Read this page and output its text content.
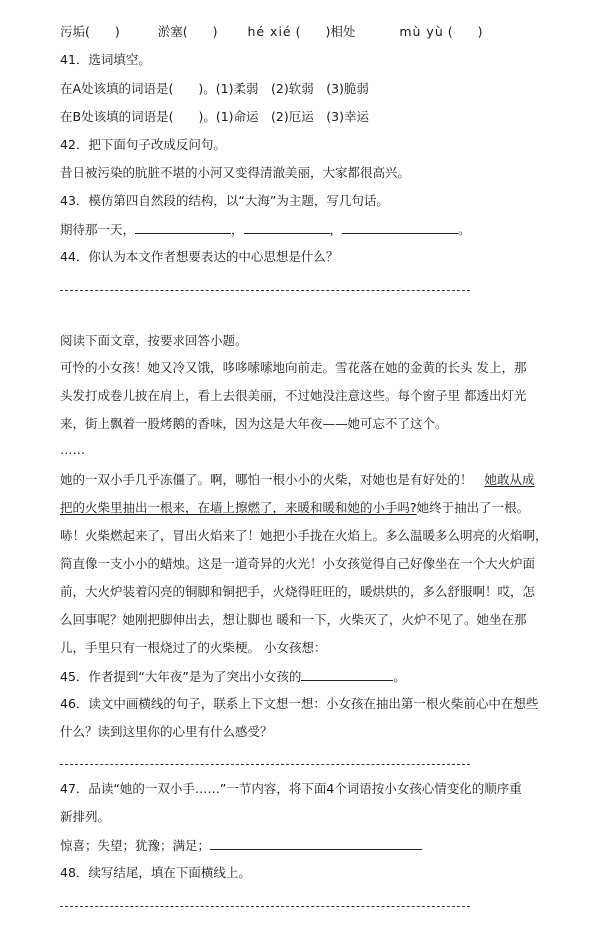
污垢(　　)	淤塞(　　) hé xié (　　)相处	mù yù (　　)
41．选词填空。
在A处该填的词语是(　　)。(1)柔弱　(2)软弱　(3)脆弱
在B处该填的词语是(　　)。(1)命运　(2)厄运　(3)幸运
42．把下面句子改成反问句。
昔日被污染的肮脏不堪的小河又变得清澈美丽，大家都很高兴。
43．模仿第四自然段的结构，以“大海”为主题，写几句话。
期待那一天，	，	，	。
44．你认为本文作者想要表达的中心思想是什么？
阅读下面文章，按要求回答小题。
可怜的小女孩！她又冷又饿，哆哆嗦嗦地向前走。雪花落在她的金黄的长头 发上，那
头发打成卷儿披在肩上，看上去很美丽，不过她没注意这些。每个窗子里 都透出灯光
来，街上飘着一股烤鹅的香味，因为这是大年夜——她可忘不了这个。
……
她的一双小手几乎冻僵了。啊，哪怕一根小小的火柴，对她也是有好处的！ 她敢从成
把的火柴里抽出一根来，在墙上擦燃了，来暖和暖和她的小手吗?她终于抽出了一根。
哧！火柴燃起来了，冒出火焰来了！她把小手拢在火焰上。多么温暖多么明亮的火焰啊，
简直像一支小小的蜡烛。这是一道奇异的火光！小女孩觉得自己好像坐在一个大火炉面
前，大火炉装着闪亮的铜脚和铜把手，火烧得旺旺的，暖烘烘的，多么舒服啊！哎，怎
么回事呢？她刚把脚伸出去，想让脚也 暖和一下，火柴灭了，火炉不见了。她坐在那
儿，手里只有一根烧过了的火柴梗。 小女孩想：
45．作者提到“大年夜”是为了突出小女孩的	。
46．读文中画横线的句子，联系上下文想一想：小女孩在抽出第一根火柴前心中在想些
什么？读到这里你的心里有什么感受？
47．品读“她的一双小手……”一节内容，将下面4个词语按小女孩心情变化的顺序重
新排列。
惊喜；失望；犹豫；满足；
48．续写结尾，填在下面横线上。
